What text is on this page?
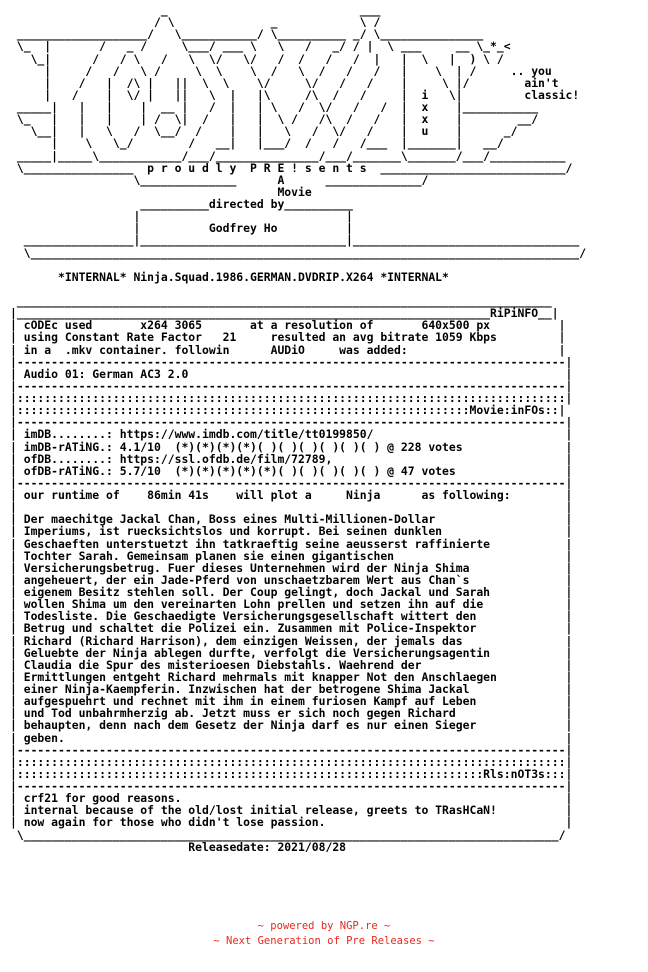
_                            ___
/ \              _            \ /
___________________/   \___________/ \__________ _/ \_______________
\_  |       /   _ /     \___/ ___ \   \   /   _/ / |  \ ___     __ \_*_<
\_|      /   / \   /   \  \/   \/   /  /   /   /  |   |  \   |  ) \ /
|     /   /   \ /     \  \    \  /   \  /   /   /   |    \  | /     .. you
|    /   |  /\ |   ||  \  \    \/     \/   /   /    |     \ |/        ain't
|   /    |  \/ |   ||   \  |   |\     /\  /   /     |  i   \|         classic!
_____|   |   |    |  __ |   /  |   | \   /  \/   /   /  |  x    |___________
\_   |   |   |    | /  \|  /   |   |  \ /   /\  /   /   |  x    |        __/
\__|   |   \   /  \__/  /    |   |   \   /  \/   /    |  u    |      _/
|    \   \_/        /   __|   |___/  /   /   /___  |_______|   __/
_____|_____\____________/___/_______________/___/_______\_______/___/___________
\________________  p r o u d l y  P R E ! s e n t s  ___________________________/
\______________      A      ______________/
Movie
__________directed by__________
|                              |
|          Godfrey Ho          |
________________|______________________________|_________________________________
\________________________________________________________________________________/

*INTERNAL* Ninja.Squad.1986.GERMAN.DVDRIP.X264 *INTERNAL*

______________________________________________________________________________
|_____________________________________________________________________RiPiNFO__|
| cODEc used       x264 3065       at a resolution of       640x500 px          |
| using Constant Rate Factor   21     resulted an avg bitrate 1059 Kbps         |
| in a  .mkv container. followin      AUDiO     was added:                      |
|--------------------------------------------------------------------------------|
| Audio 01: German AC3 2.0                                                       |
|--------------------------------------------------------------------------------|
|::::::::::::::::::::::::::::::::::::::::::::::::::::::::::::::::::::::::::::::::|
|::::::::::::::::::::::::::::::::::::::::::::::::::::::::::::::::::Movie:inFOs::|
|--------------------------------------------------------------------------------|
| imDB........: https://www.imdb.com/title/tt0199850/                            |
| imDB-rATiNG.: 4.1/10  (*)(*)(*)(*)( )( )( )( )( )( ) @ 228 votes               |
| ofDB........: https://ssl.ofdb.de/film/72789,                                  |
| ofDB-rATiNG.: 5.7/10  (*)(*)(*)(*)(*)( )( )( )( )( ) @ 47 votes                |
|--------------------------------------------------------------------------------|
| our runtime of    86min 41s    will plot a     Ninja      as following:        |
|                                                                                |
| Der maechitge Jackal Chan, Boss eines Multi-Millionen-Dollar                   |
| Imperiums, ist ruecksichtslos und korrupt. Bei seinen dunklen                  |
| Geschaeften unterstuetzt ihn tatkraeftig seine aeusserst raffinierte           |
| Tochter Sarah. Gemeinsam planen sie einen gigantischen                         |
| Versicherungsbetrug. Fuer dieses Unternehmen wird der Ninja Shima              |
| angeheuert, der ein Jade-Pferd von unschaetzbarem Wert aus Chan`s              |
| eigenem Besitz stehlen soll. Der Coup gelingt, doch Jackal und Sarah           |
| wollen Shima um den vereinarten Lohn prellen und setzen ihn auf die            |
| Todesliste. Die Geschaedigte Versicherungsgesellschaft wittert den             |
| Betrug und schaltet die Polizei ein. Zusammen mit Police-Inspektor             |
| Richard (Richard Harrison), dem einzigen Weissen, der jemals das               |
| Geluebte der Ninja ablegen durfte, verfolgt die Versicherungsagentin           |
| Claudia die Spur des misterioesen Diebstahls. Waehrend der                     |
| Ermittlungen entgeht Richard mehrmals mit knapper Not den Anschlaegen          |
| einer Ninja-Kaempferin. Inzwischen hat der betrogene Shima Jackal              |
| aufgespuehrt und rechnet mit ihm in einem furiosen Kampf auf Leben             |
| und Tod unbahrmherzig ab. Jetzt muss er sich noch gegen Richard                |
| behaupten, denn nach dem Gesetz der Ninja darf es nur einen Sieger             |
| geben.                                                                         |
|--------------------------------------------------------------------------------|
|::::::::::::::::::::::::::::::::::::::::::::::::::::::::::::::::::::::::::::::::|
|::::::::::::::::::::::::::::::::::::::::::::::::::::::::::::::::::::Rls:nOT3s:::|
|--------------------------------------------------------------------------------|
| crf21 for good reasons.                                                        |
| internal because of the old/lost initial release, greets to TRasHCaN!          |
| now again for those who didn't lose passion.                                   |
\______________________________________________________________________________/
Releasedate: 2021/08/28

~ powered by NGP.re ~
~ Next Generation of Pre Releases ~
